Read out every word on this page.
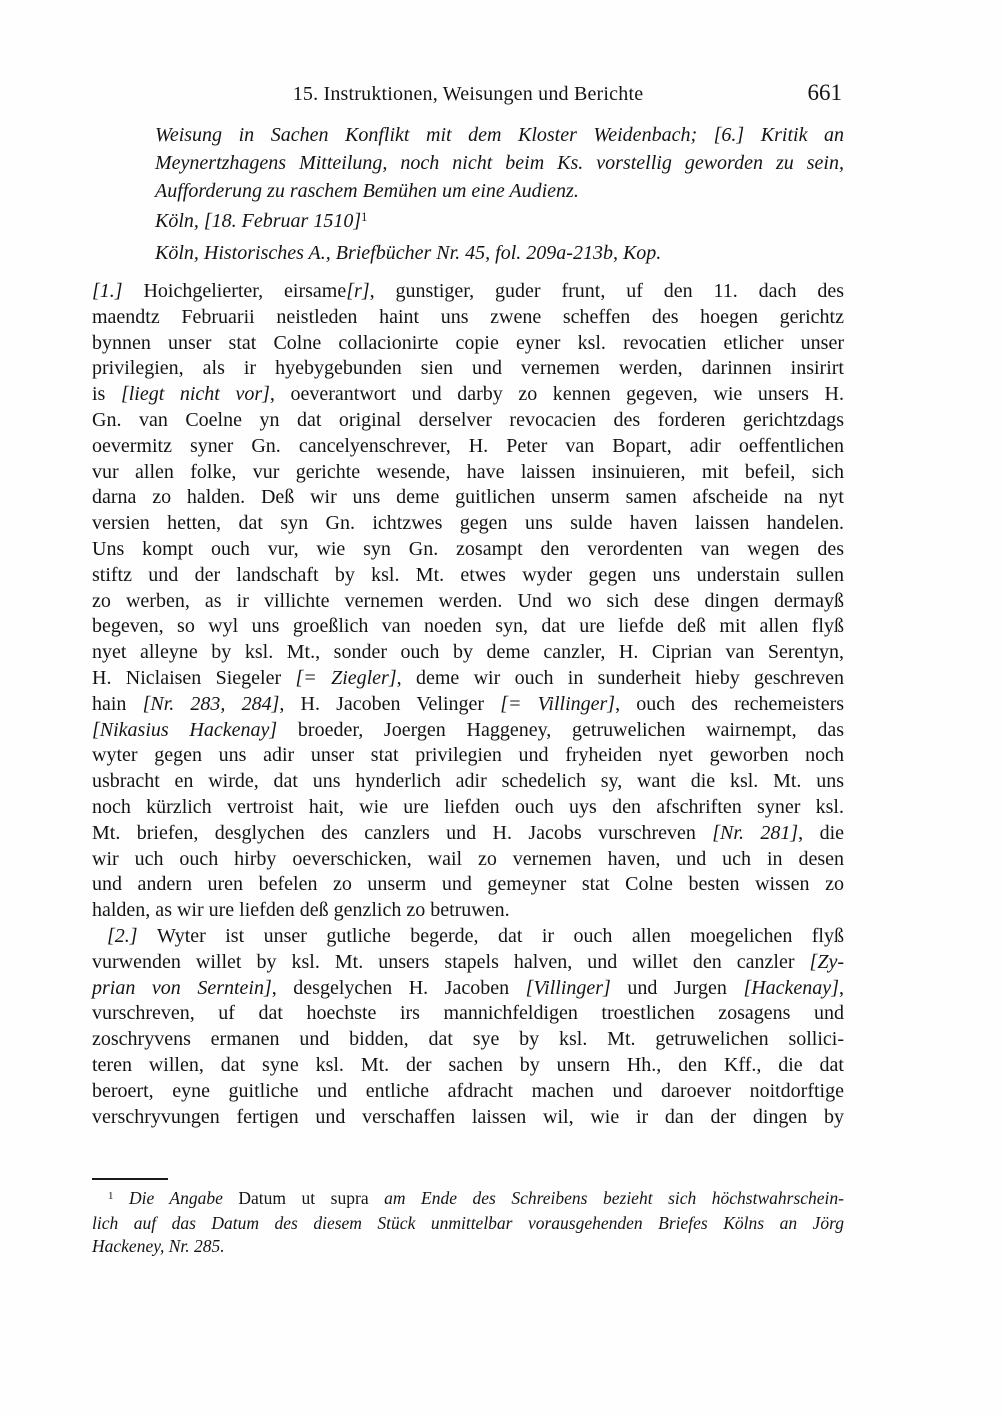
15. Instruktionen, Weisungen und Berichte	661
Weisung in Sachen Konflikt mit dem Kloster Weidenbach; [6.] Kritik an
Meynertzhagens Mitteilung, noch nicht beim Ks. vorstellig geworden zu sein,
Aufforderung zu raschem Bemühen um eine Audienz.
Köln, [18. Februar 1510]$^1$
Köln, Historisches A., Briefbücher Nr. 45, fol. 209a-213b, Kop.
[1.] Hoichgelierter, eirsame[r], gunstiger, guder frunt, uf den 11. dach des
maendtz Februarii neistleden haint uns zwene scheffen des hoegen gerichtz
bynnen unser stat Colne collacionirte copie eyner ksl. revocatien etlicher unser
privilegien, als ir hyebygebunden sien und vernemen werden, darinnen insirirt
is [liegt nicht vor], oeverantwort und darby zo kennen gegeven, wie unsers H.
Gn. van Coelne yn dat original derselver revocacien des forderen gerichtzdags
oevermitz syner Gn. cancelyenschrever, H. Peter van Bopart, adir oeffentlichen
vur allen folke, vur gerichte wesende, have laissen insinuieren, mit befeil, sich
darna zo halden. Deß wir uns deme guitlichen unserm samen afscheide na nyt
versien hetten, dat syn Gn. ichtzwes gegen uns sulde haven laissen handelen.
Uns kompt ouch vur, wie syn Gn. zosampt den verordenten van wegen des
stiftz und der landschaft by ksl. Mt. etwes wyder gegen uns understain sullen
zo werben, as ir villichte vernemen werden. Und wo sich dese dingen dermayß
begeven, so wyl uns groeßlich van noeden syn, dat ure liefde deß mit allen flyß
nyet alleyne by ksl. Mt., sonder ouch by deme canzler, H. Ciprian van Serentyn,
H. Niclaisen Siegeler [= Ziegler], deme wir ouch in sunderheit hieby geschreven
hain [Nr. 283, 284], H. Jacoben Velinger [= Villinger], ouch des rechemeisters
[Nikasius Hackenay] broeder, Joergen Haggeney, getruwelichen wairnempt, das
wyter gegen uns adir unser stat privilegien und fryheiden nyet geworben noch
usbracht en wirde, dat uns hynderlich adir schedelich sy, want die ksl. Mt. uns
noch kürzlich vertroist hait, wie ure liefden ouch uys den afschriften syner ksl.
Mt. briefen, desglychen des canzlers und H. Jacobs vurschreven [Nr. 281], die
wir uch ouch hirby oeverschicken, wail zo vernemen haven, und uch in desen
und andern uren befelen zo unserm und gemeyner stat Colne besten wissen zo
halden, as wir ure liefden deß genzlich zo betruwen.
[2.] Wyter ist unser gutliche begerde, dat ir ouch allen moegelichen flyß
vurwenden willet by ksl. Mt. unsers stapels halven, und willet den canzler [Zy-
prian von Serntein], desgelychen H. Jacoben [Villinger] und Jurgen [Hackenay],
vurschreven, uf dat hoechste irs mannichfeldigen troestlichen zosagens und
zoschryvens ermanen und bidden, dat sye by ksl. Mt. getruwelichen sollici-
teren willen, dat syne ksl. Mt. der sachen by unsern Hh., den Kff., die dat
beroert, eyne guitliche und entliche afdracht machen und daroever noitdorftige
verschryvungen fertigen und verschaffen laissen wil, wie ir dan der dingen by
$^1$ Die Angabe Datum ut supra am Ende des Schreibens bezieht sich höchstwahrschein-
lich auf das Datum des diesem Stück unmittelbar vorausgehenden Briefes Kölns an Jörg
Hackeney, Nr. 285.
